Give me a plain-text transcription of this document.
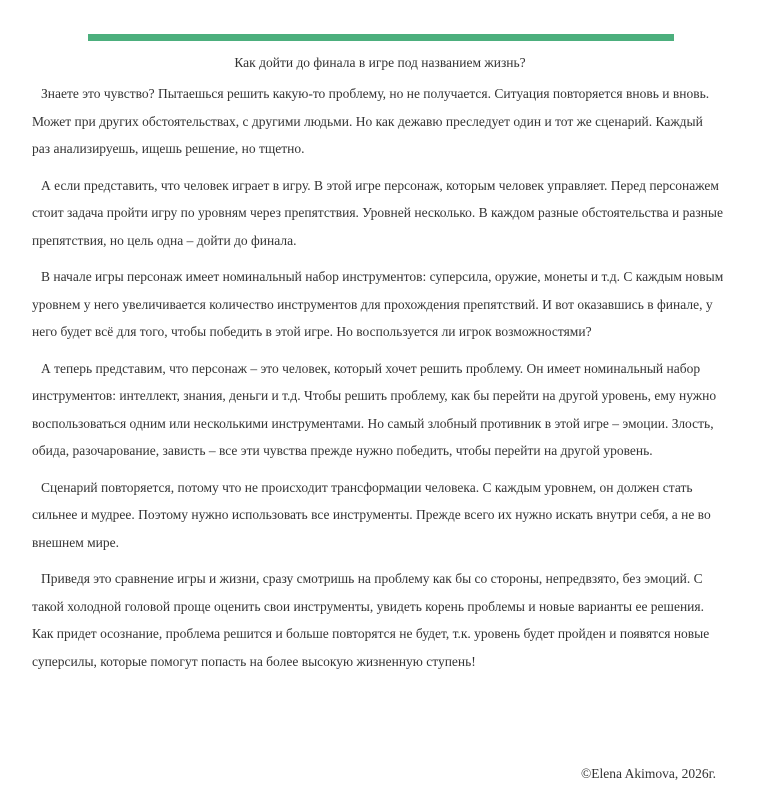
Как дойти до финала в игре под названием жизнь?

Знаете это чувство? Пытаешься решить какую-то проблему, но не получается. Ситуация повторяется вновь и вновь. Может при других обстоятельствах, с другими людьми. Но как дежавю преследует один и тот же сценарий. Каждый раз анализируешь, ищешь решение, но тщетно.

А если представить, что человек играет в игру. В этой игре персонаж, которым человек управляет. Перед персонажем стоит задача пройти игру по уровням через препятствия. Уровней несколько. В каждом разные обстоятельства и разные препятствия, но цель одна – дойти до финала.

В начале игры персонаж имеет номинальный набор инструментов: суперсила, оружие, монеты и т.д. С каждым новым уровнем у него увеличивается количество инструментов для прохождения препятствий. И вот оказавшись в финале, у него будет всё для того, чтобы победить в этой игре. Но воспользуется ли игрок возможностями?

А теперь представим, что персонаж – это человек, который хочет решить проблему. Он имеет номинальный набор инструментов: интеллект, знания, деньги и т.д. Чтобы решить проблему, как бы перейти на другой уровень, ему нужно воспользоваться одним или несколькими инструментами. Но самый злобный противник в этой игре – эмоции. Злость, обида, разочарование, зависть – все эти чувства прежде нужно победить, чтобы перейти на другой уровень.

Сценарий повторяется, потому что не происходит трансформации человека. С каждым уровнем, он должен стать сильнее и мудрее. Поэтому нужно использовать все инструменты. Прежде всего их нужно искать внутри себя, а не во внешнем мире.

Приведя это сравнение игры и жизни, сразу смотришь на проблему как бы со стороны, непредвзято, без эмоций. С такой холодной головой проще оценить свои инструменты, увидеть корень проблемы и новые варианты ее решения. Как придет осознание, проблема решится и больше повторятся не будет, т.к. уровень будет пройден и появятся новые суперсилы, которые помогут попасть на более высокую жизненную ступень!

©Elena Akimova, 2026г.
